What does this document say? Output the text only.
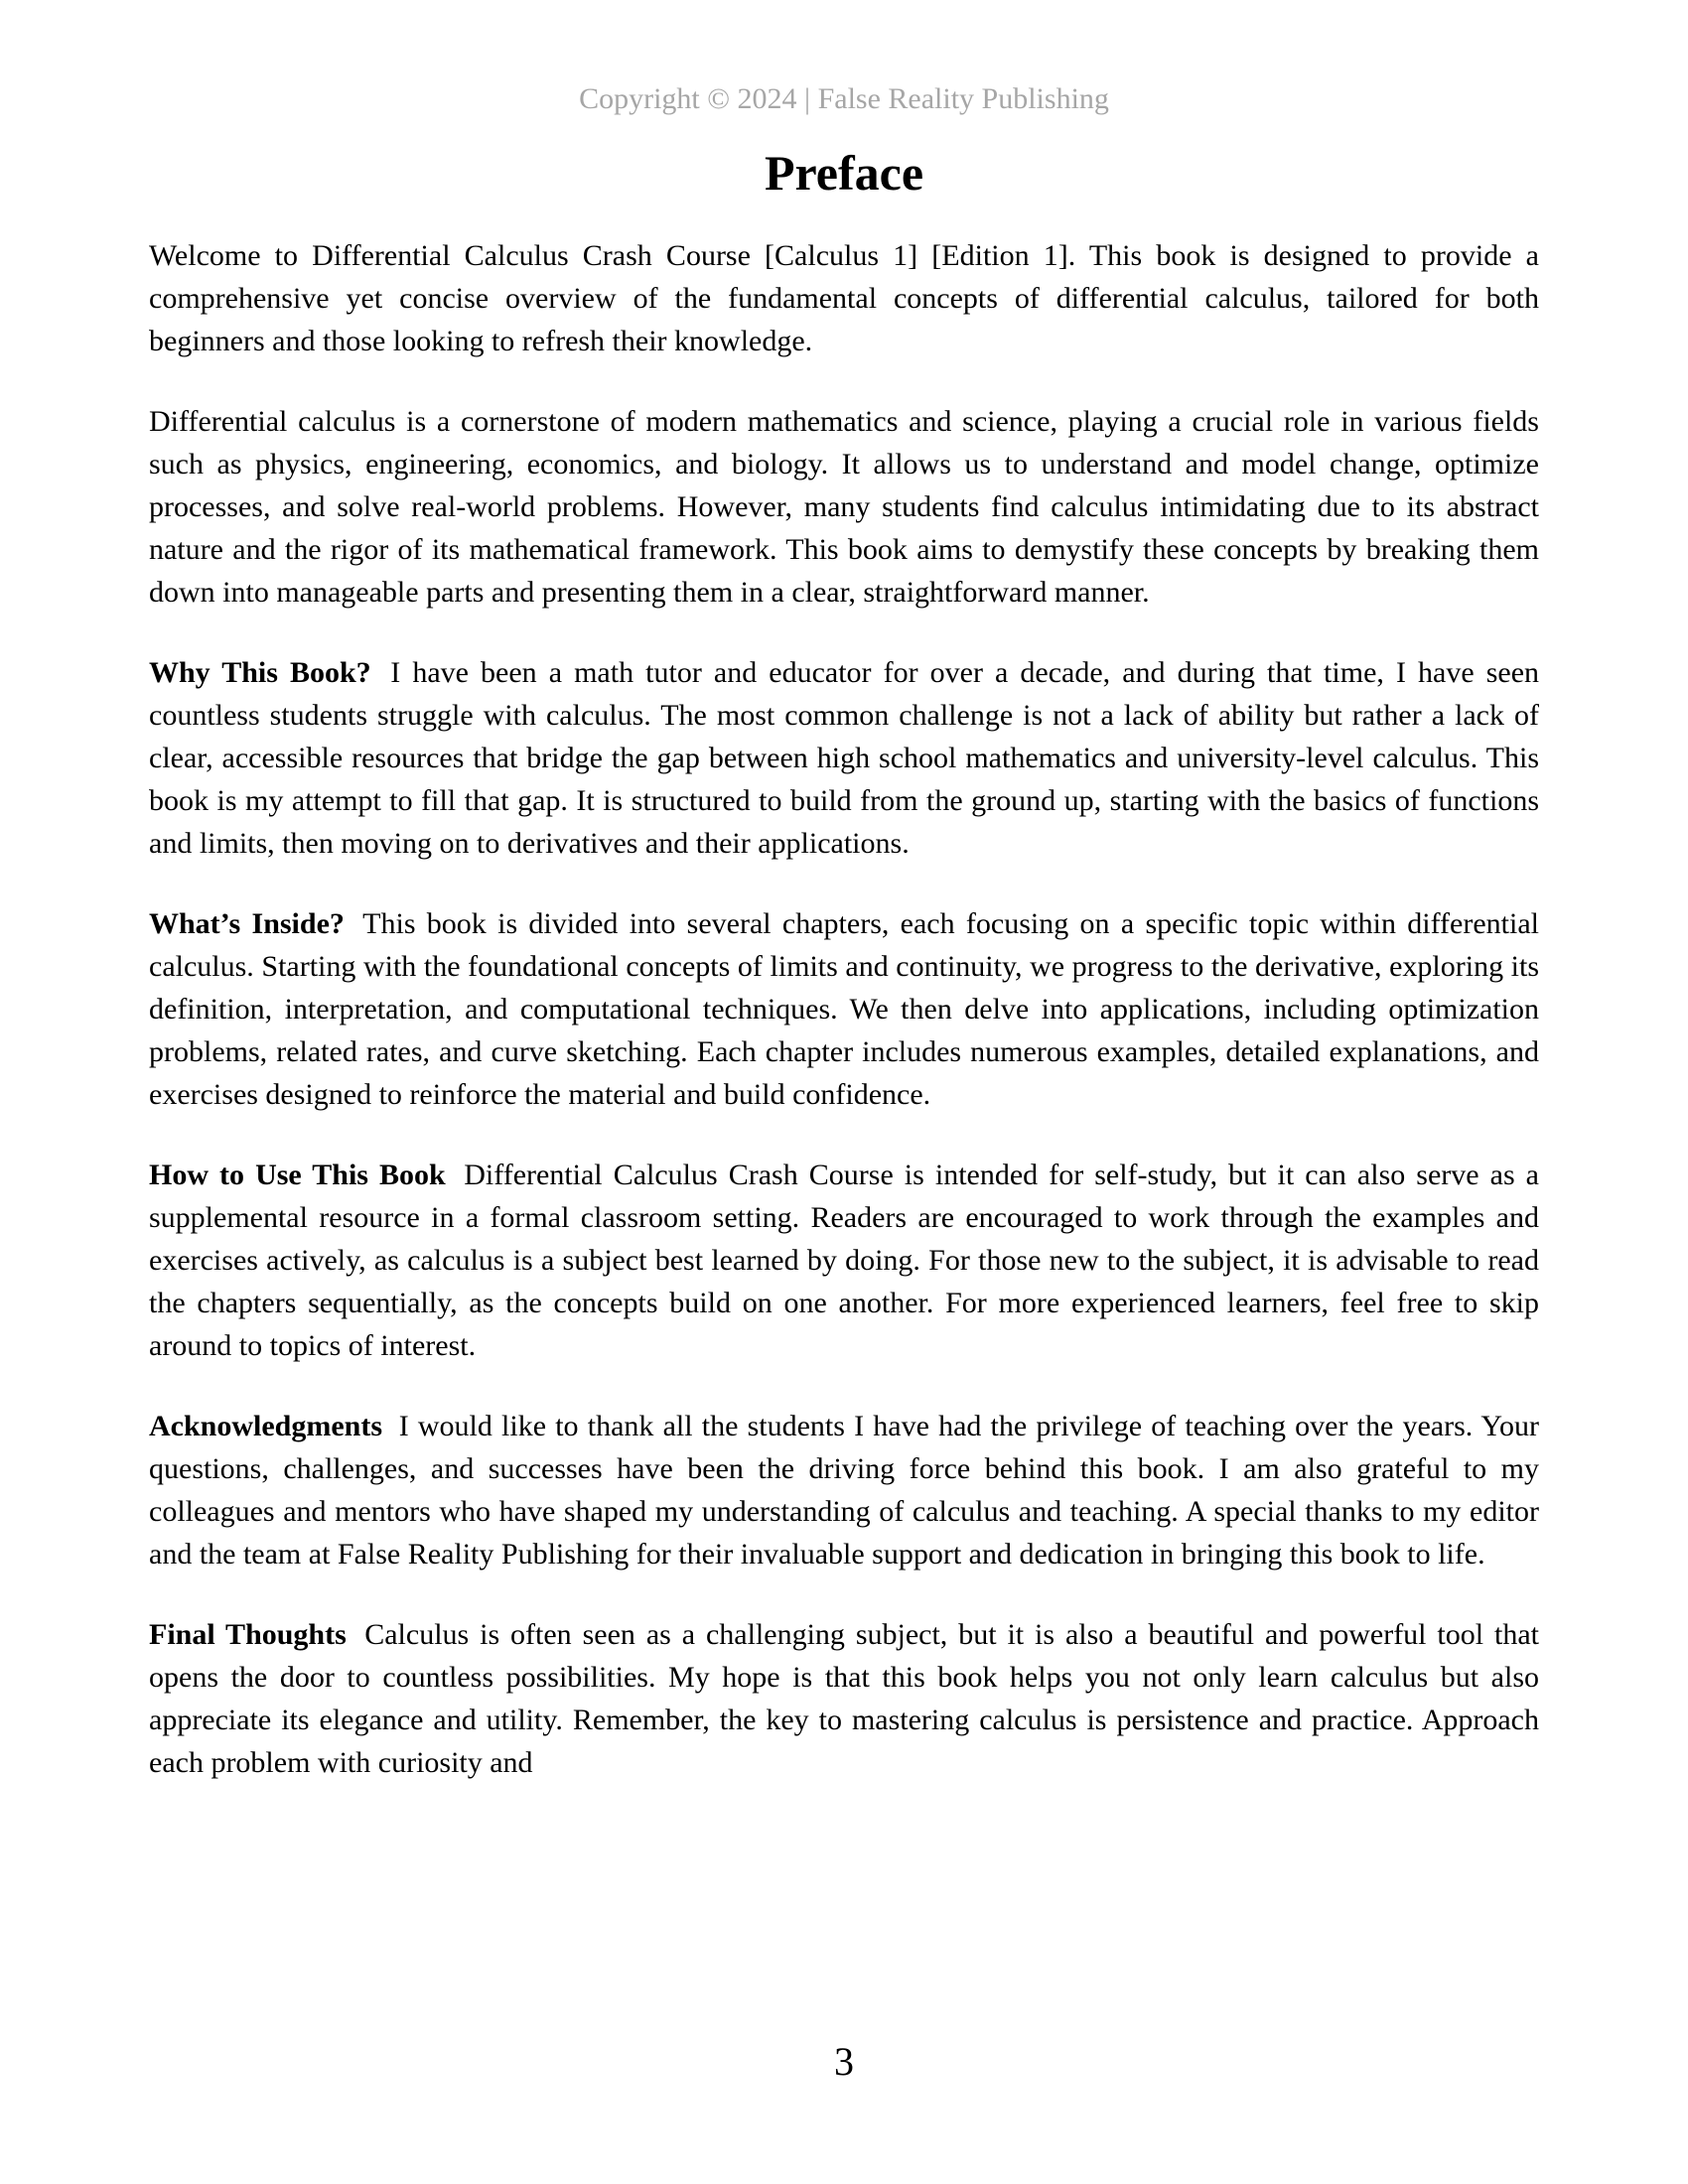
Copyright © 2024 | False Reality Publishing
Preface

Welcome to Differential Calculus Crash Course [Calculus 1] [Edition 1]. This book is designed to provide a comprehensive yet concise overview of the fundamental concepts of differential calculus, tailored for both beginners and those looking to refresh their knowledge.

Differential calculus is a cornerstone of modern mathematics and science, playing a crucial role in various fields such as physics, engineering, economics, and biology. It allows us to understand and model change, optimize processes, and solve real-world problems. However, many students find calculus intimidating due to its abstract nature and the rigor of its mathematical framework. This book aims to demystify these concepts by breaking them down into manageable parts and presenting them in a clear, straightforward manner.

Why This Book? I have been a math tutor and educator for over a decade, and during that time, I have seen countless students struggle with calculus. The most common challenge is not a lack of ability but rather a lack of clear, accessible resources that bridge the gap between high school mathematics and university-level calculus. This book is my attempt to fill that gap. It is structured to build from the ground up, starting with the basics of functions and limits, then moving on to derivatives and their applications.

What’s Inside? This book is divided into several chapters, each focusing on a specific topic within differential calculus. Starting with the foundational concepts of limits and continuity, we progress to the derivative, exploring its definition, interpretation, and computational techniques. We then delve into applications, including optimization problems, related rates, and curve sketching. Each chapter includes numerous examples, detailed explanations, and exercises designed to reinforce the material and build confidence.

How to Use This Book Differential Calculus Crash Course is intended for self-study, but it can also serve as a supplemental resource in a formal classroom setting. Readers are encouraged to work through the examples and exercises actively, as calculus is a subject best learned by doing. For those new to the subject, it is advisable to read the chapters sequentially, as the concepts build on one another. For more experienced learners, feel free to skip around to topics of interest.

Acknowledgments I would like to thank all the students I have had the privilege of teaching over the years. Your questions, challenges, and successes have been the driving force behind this book. I am also grateful to my colleagues and mentors who have shaped my understanding of calculus and teaching. A special thanks to my editor and the team at False Reality Publishing for their invaluable support and dedication in bringing this book to life.

Final Thoughts Calculus is often seen as a challenging subject, but it is also a beautiful and powerful tool that opens the door to countless possibilities. My hope is that this book helps you not only learn calculus but also appreciate its elegance and utility. Remember, the key to mastering calculus is persistence and practice. Approach each problem with curiosity and

3
